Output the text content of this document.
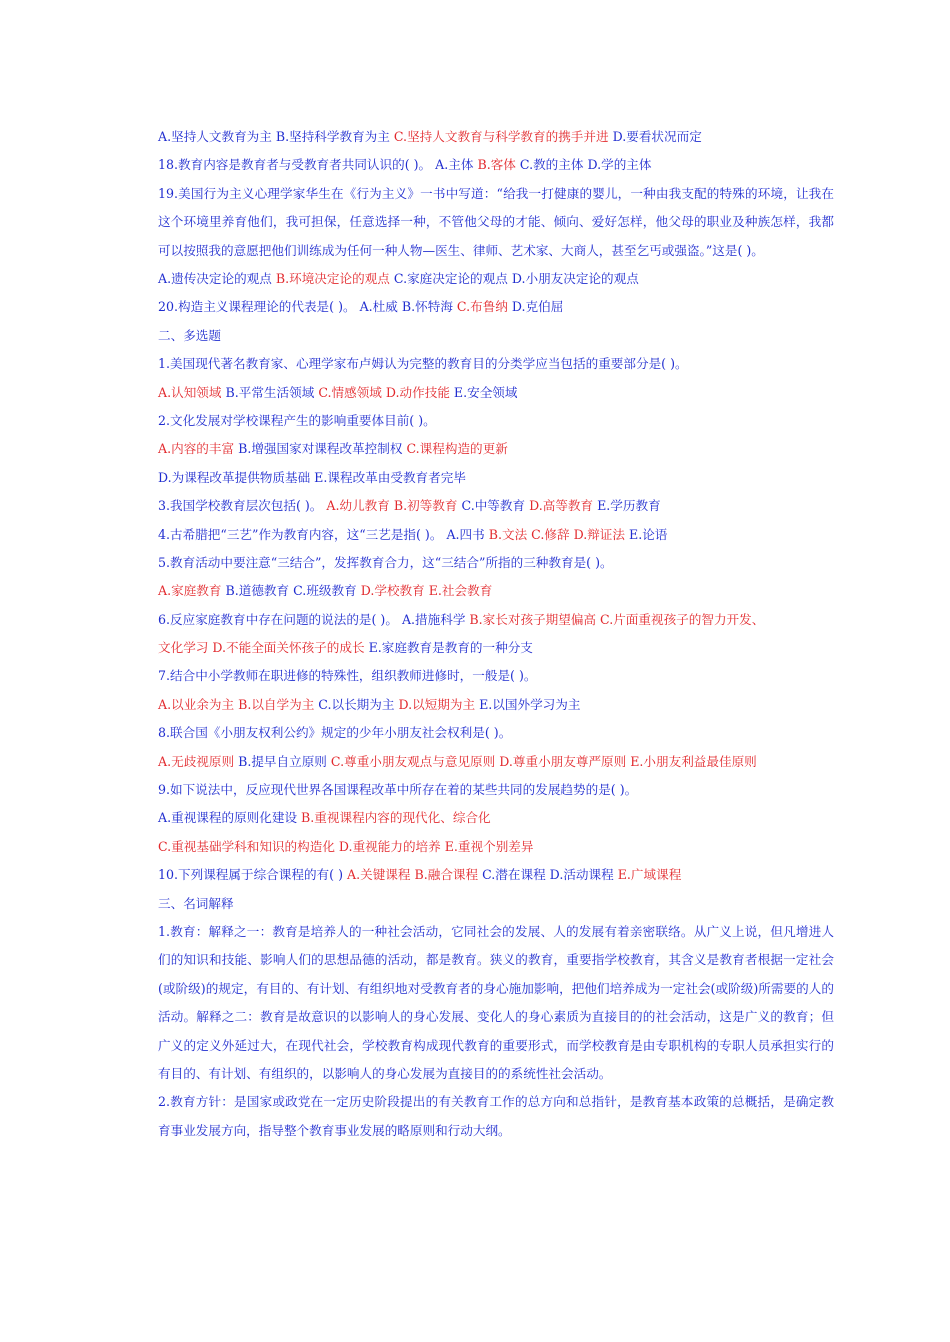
A.坚持人文教育为主 B.坚持科学教育为主 C.坚持人文教育与科学教育的携手并进 D.要看状况而定
18.教育内容是教育者与受教育者共同认识的( )。 A.主体 B.客体 C.教的主体 D.学的主体
19.美国行为主义心理学家华生在《行为主义》一书中写道：“给我一打健康的婴儿，一种由我支配的特殊的环境，让我在这个环境里养育他们，我可担保，任意选择一种，不管他父母的才能、倾向、爱好怎样，他父母的职业及种族怎样，我都可以按照我的意愿把他们训练成为任何一种人物—医生、律师、艺术家、大商人，甚至乞丐或强盗。”这是( )。
A.遗传决定论的观点 B.环境决定论的观点 C.家庭决定论的观点 D.小朋友决定论的观点
20.构造主义课程理论的代表是( )。 A.杜威 B.怀特海 C.布鲁纳 D.克伯屈
二、多选题
1.美国现代著名教育家、心理学家布卢姆认为完整的教育目的分类学应当包括的重要部分是( )。
A.认知领域 B.平常生活领域 C.情感领域 D.动作技能 E.安全领域
2.文化发展对学校课程产生的影响重要体目前( )。
A.内容的丰富 B.增强国家对课程改革控制权 C.课程构造的更新
D.为课程改革提供物质基础 E.课程改革由受教育者完毕
3.我国学校教育层次包括( )。 A.幼儿教育 B.初等教育 C.中等教育 D.高等教育 E.学历教育
4.古希腊把“三艺”作为教育内容，这“三艺是指( )。 A.四书 B.文法 C.修辞 D.辩证法 E.论语
5.教育活动中要注意“三结合”，发挥教育合力，这“三结合”所指的三种教育是( )。
A.家庭教育 B.道德教育 C.班级教育 D.学校教育 E.社会教育
6.反应家庭教育中存在问题的说法的是( )。 A.措施科学 B.家长对孩子期望偏高 C.片面重视孩子的智力开发、
文化学习 D.不能全面关怀孩子的成长 E.家庭教育是教育的一种分支
7.结合中小学教师在职进修的特殊性，组织教师进修时，一般是( )。
A.以业余为主 B.以自学为主 C.以长期为主 D.以短期为主 E.以国外学习为主
8.联合国《小朋友权利公约》规定的少年小朋友社会权利是( )。
A.无歧视原则 B.提早自立原则 C.尊重小朋友观点与意见原则 D.尊重小朋友尊严原则 E.小朋友利益最佳原则
9.如下说法中，反应现代世界各国课程改革中所存在着的某些共同的发展趋势的是( )。
A.重视课程的原则化建设 B.重视课程内容的现代化、综合化
C.重视基础学科和知识的构造化 D.重视能力的培养 E.重视个别差异
10.下列课程属于综合课程的有( ) A.关键课程 B.融合课程 C.潜在课程 D.活动课程 E.广域课程
三、名词解释
1.教育：解释之一：教育是培养人的一种社会活动，它同社会的发展、人的发展有着亲密联络。从广义上说，但凡增进人们的知识和技能、影响人们的思想品德的活动，都是教育。狭义的教育，重要指学校教育，其含义是教育者根据一定社会(或阶级)的规定，有目的、有计划、有组织地对受教育者的身心施加影响，把他们培养成为一定社会(或阶级)所需要的人的活动。解释之二：教育是故意识的以影响人的身心发展、变化人的身心素质为直接目的的社会活动，这是广义的教育；但广义的定义外延过大，在现代社会，学校教育构成现代教育的重要形式，而学校教育是由专职机构的专职人员承担实行的有目的、有计划、有组织的，以影响人的身心发展为直接目的的系统性社会活动。
2.教育方针：是国家或政党在一定历史阶段提出的有关教育工作的总方向和总指针，是教育基本政策的总概括，是确定教育事业发展方向，指导整个教育事业发展的略原则和行动大纲。
